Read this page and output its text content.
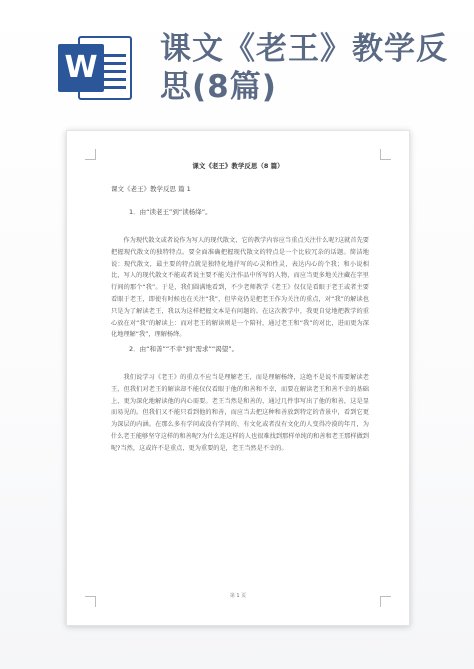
W
课文《老王》教学反思(8篇)
课文《老王》教学反思（8 篇）
课文《老王》教学反思 篇 1
1．由“读老王”到“读杨绛”。
作为现代散文或者说作为写人的现代散文，它的教学内容应当重点关注什么呢?这就首先要把握现代散文的独特特点。要全面准确把握现代散文的特点是一个比较冗杂的话题。简洁地说：现代散文，最主要的特点就是独特化地抒写的心灵和性灵，表达内心的个我；和小说相比，写人的现代散文不能或者说主要不能关注作品中所写的人物，而应当更多地关注藏在字里行间的那个“我”。于是，我们圆满地看到，不少老师教学《老王》仅仅是看眼于老王或者主要看眼于老王，即使有时候也在关注“我”，但毕竟仍是把老王作为关注的重点，对“我”的解读也只是为了解读老王，我以为这样把握文本是有问题的。在这次教学中，我更自觉地把教学的重心放在对“我”的解读上：而对老王的解读则是一个陪衬，通过老王和“我”的对比，进而更为深化地理解“我”，理解杨绛。
2．由“和善”“不幸”到“需求”“渴望”。
我们说学习《老王》的重点不应当是理解老王，而是理解杨绛，这绝不是说不需要解读老王，但我们对老王的解读却不能仅仅看眼于他的和善和不幸，而要在解读老王和善不幸的基础上，更为深化地解读他的内心需要。老王当然是和善的，通过几件事写出了他的和善，这是显而易见的。但我们又不能只看到他的和善，而应当去把这种和善放到特定的背景中，看到它更为深层的内涵。在那么多有学问或没有学问的、有文化或者没有文化的人变得冷漠的年月，为什么老王能够坚守这样的和善呢?为什么连这样的人也很难找到那样单纯的和善和老王那样做到呢?当然，这或许不是重点，更为重要的是，老王当然是不幸的。
第 1 页
